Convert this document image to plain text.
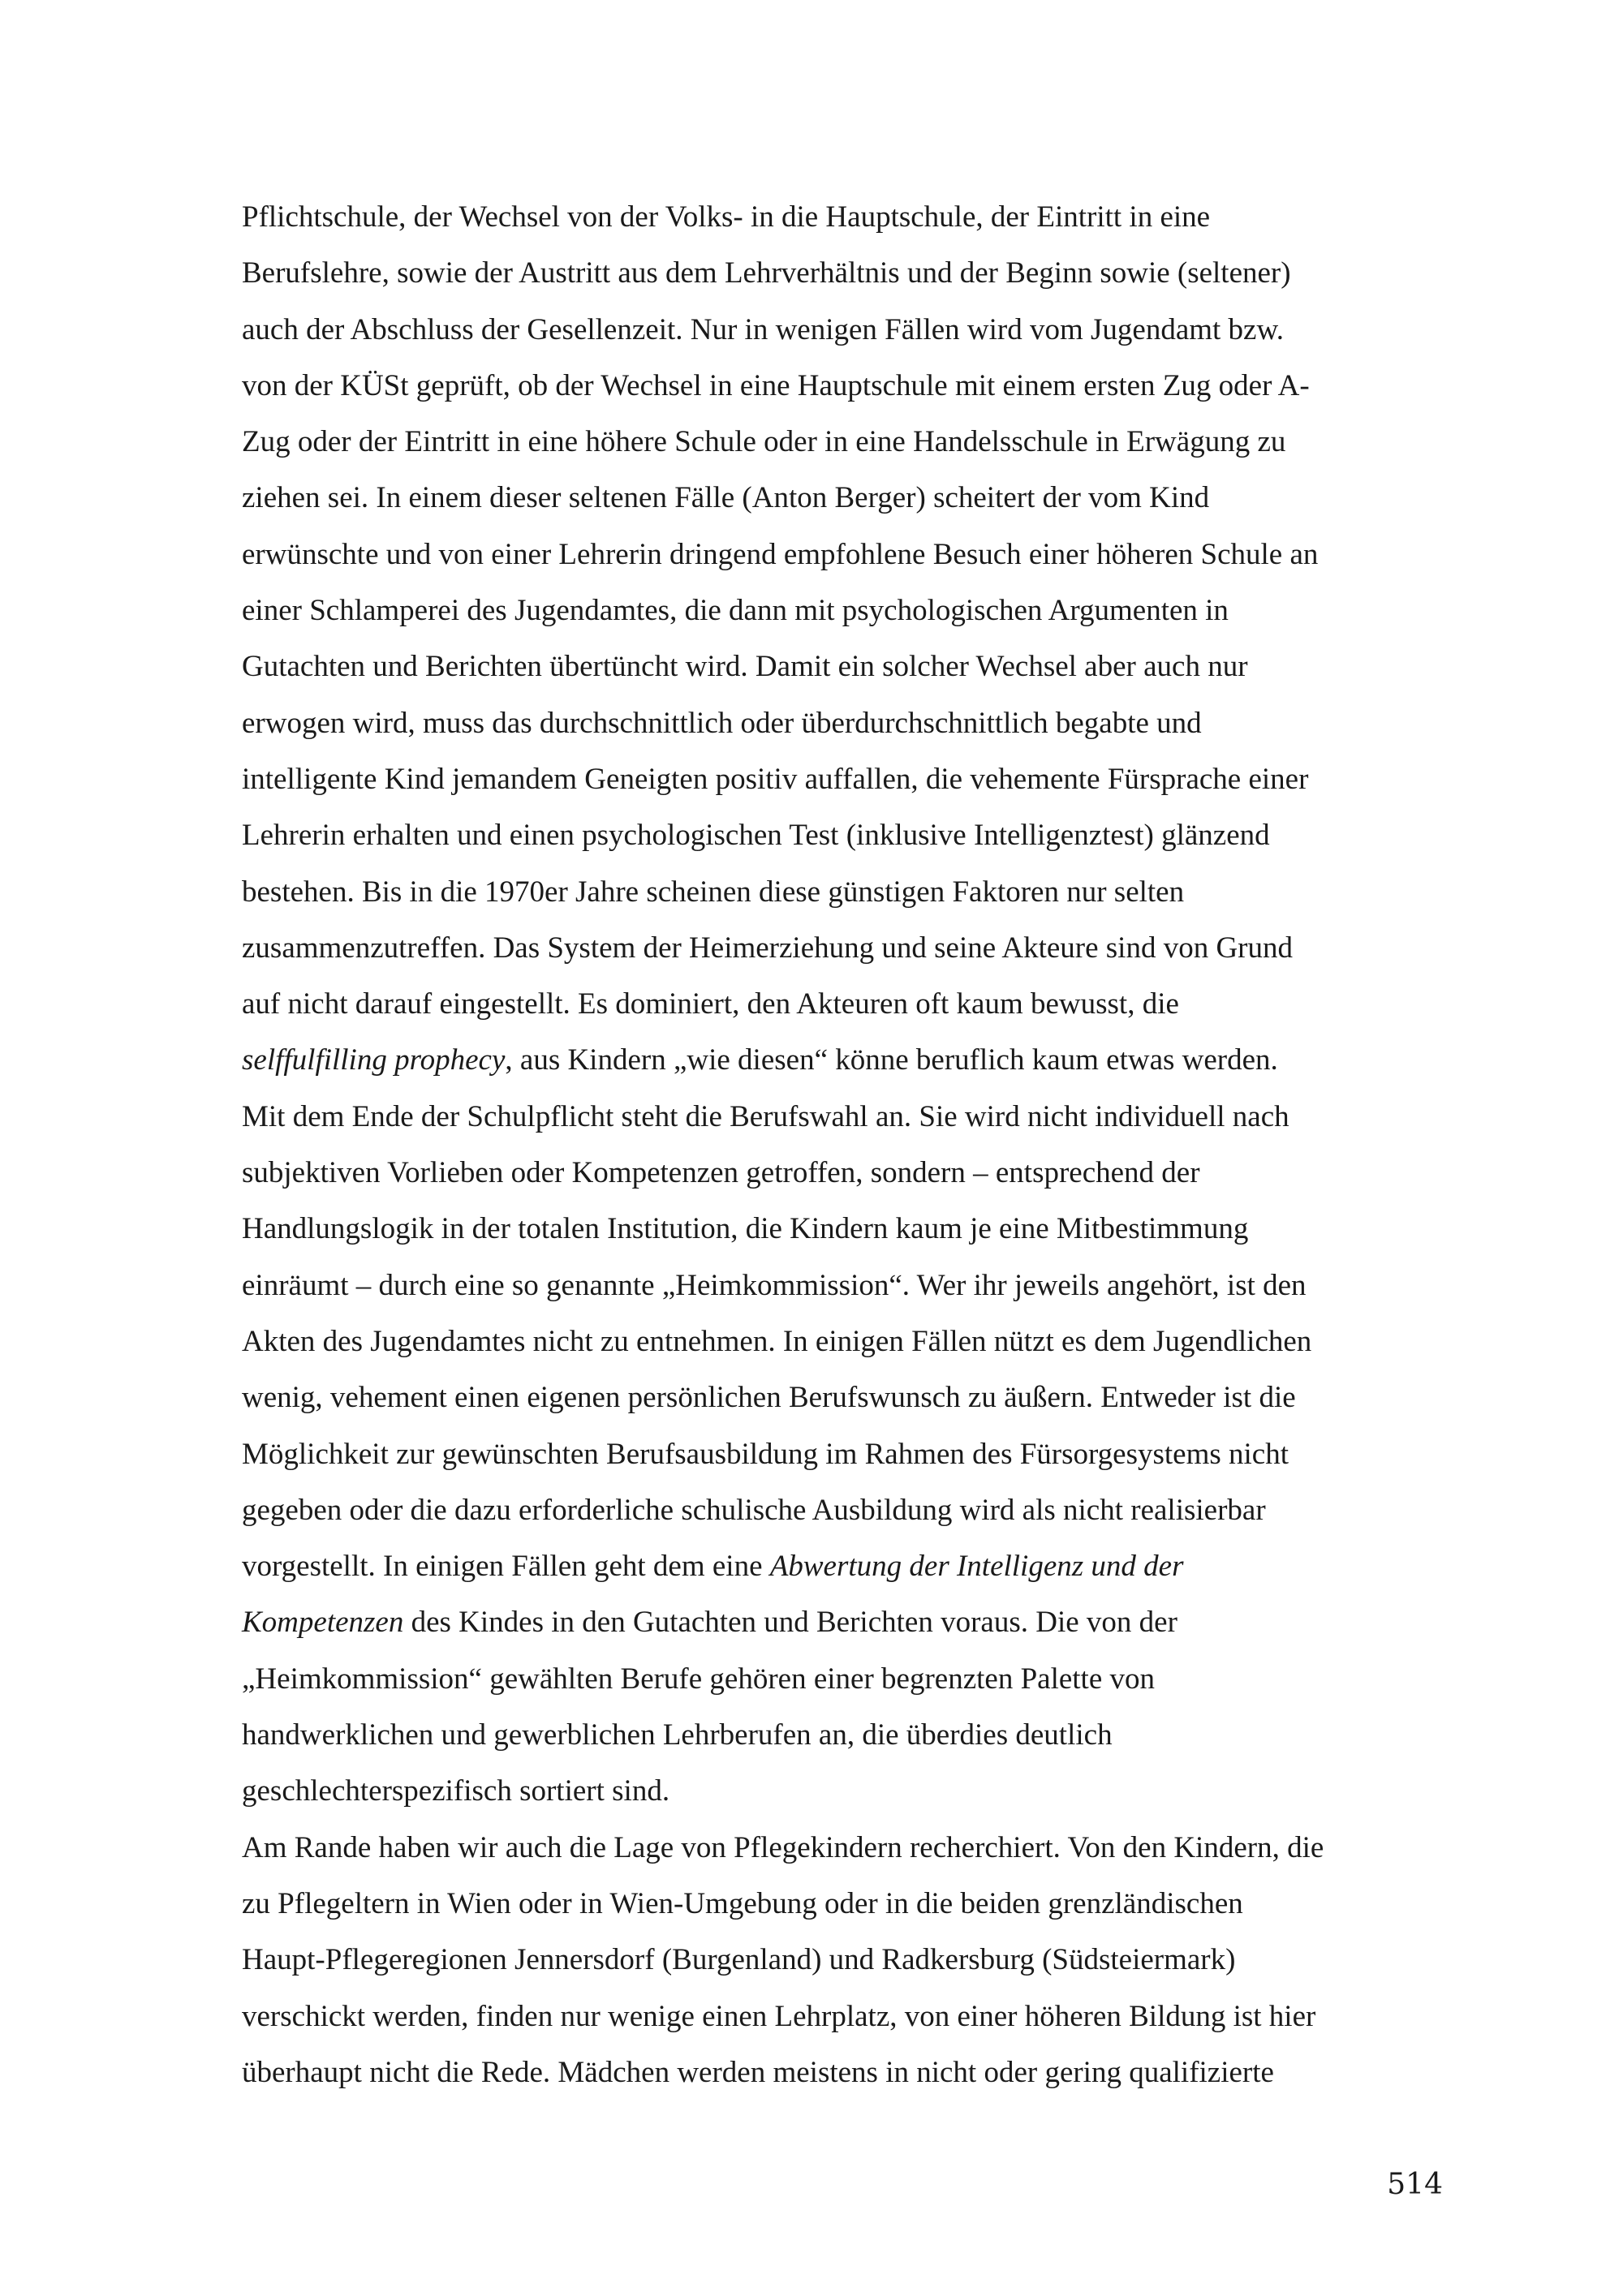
Pflichtschule, der Wechsel von der Volks- in die Hauptschule, der Eintritt in eine
Berufslehre, sowie der Austritt aus dem Lehrverhältnis und der Beginn sowie (seltener)
auch der Abschluss der Gesellenzeit. Nur in wenigen Fällen wird vom Jugendamt bzw.
von der KÜSt geprüft, ob der Wechsel in eine Hauptschule mit einem ersten Zug oder A-
Zug oder der Eintritt in eine höhere Schule oder in eine Handelsschule in Erwägung zu
ziehen sei. In einem dieser seltenen Fälle (Anton Berger) scheitert der vom Kind
erwünschte und von einer Lehrerin dringend empfohlene Besuch einer höheren Schule an
einer Schlamperei des Jugendamtes, die dann mit psychologischen Argumenten in
Gutachten und Berichten übertüncht wird. Damit ein solcher Wechsel aber auch nur
erwogen wird, muss das durchschnittlich oder überdurchschnittlich begabte und
intelligente Kind jemandem Geneigten positiv auffallen, die vehemente Fürsprache einer
Lehrerin erhalten und einen psychologischen Test (inklusive Intelligenztest) glänzend
bestehen. Bis in die 1970er Jahre scheinen diese günstigen Faktoren nur selten
zusammenzutreffen. Das System der Heimerziehung und seine Akteure sind von Grund
auf nicht darauf eingestellt. Es dominiert, den Akteuren oft kaum bewusst, die
selffulfilling prophecy, aus Kindern „wie diesen“ könne beruflich kaum etwas werden.
Mit dem Ende der Schulpflicht steht die Berufswahl an. Sie wird nicht individuell nach
subjektiven Vorlieben oder Kompetenzen getroffen, sondern – entsprechend der
Handlungslogik in der totalen Institution, die Kindern kaum je eine Mitbestimmung
einräumt – durch eine so genannte „Heimkommission“. Wer ihr jeweils angehört, ist den
Akten des Jugendamtes nicht zu entnehmen. In einigen Fällen nützt es dem Jugendlichen
wenig, vehement einen eigenen persönlichen Berufswunsch zu äußern. Entweder ist die
Möglichkeit zur gewünschten Berufsausbildung im Rahmen des Fürsorgesystems nicht
gegeben oder die dazu erforderliche schulische Ausbildung wird als nicht realisierbar
vorgestellt. In einigen Fällen geht dem eine Abwertung der Intelligenz und der
Kompetenzen des Kindes in den Gutachten und Berichten voraus. Die von der
„Heimkommission“ gewählten Berufe gehören einer begrenzten Palette von
handwerklichen und gewerblichen Lehrberufen an, die überdies deutlich
geschlechterspezifisch sortiert sind.
Am Rande haben wir auch die Lage von Pflegekindern recherchiert. Von den Kindern, die
zu Pflegeltern in Wien oder in Wien-Umgebung oder in die beiden grenzländischen
Haupt-Pflegeregionen Jennersdorf (Burgenland) und Radkersburg (Südsteiermark)
verschickt werden, finden nur wenige einen Lehrplatz, von einer höheren Bildung ist hier
überhaupt nicht die Rede. Mädchen werden meistens in nicht oder gering qualifizierte
514
